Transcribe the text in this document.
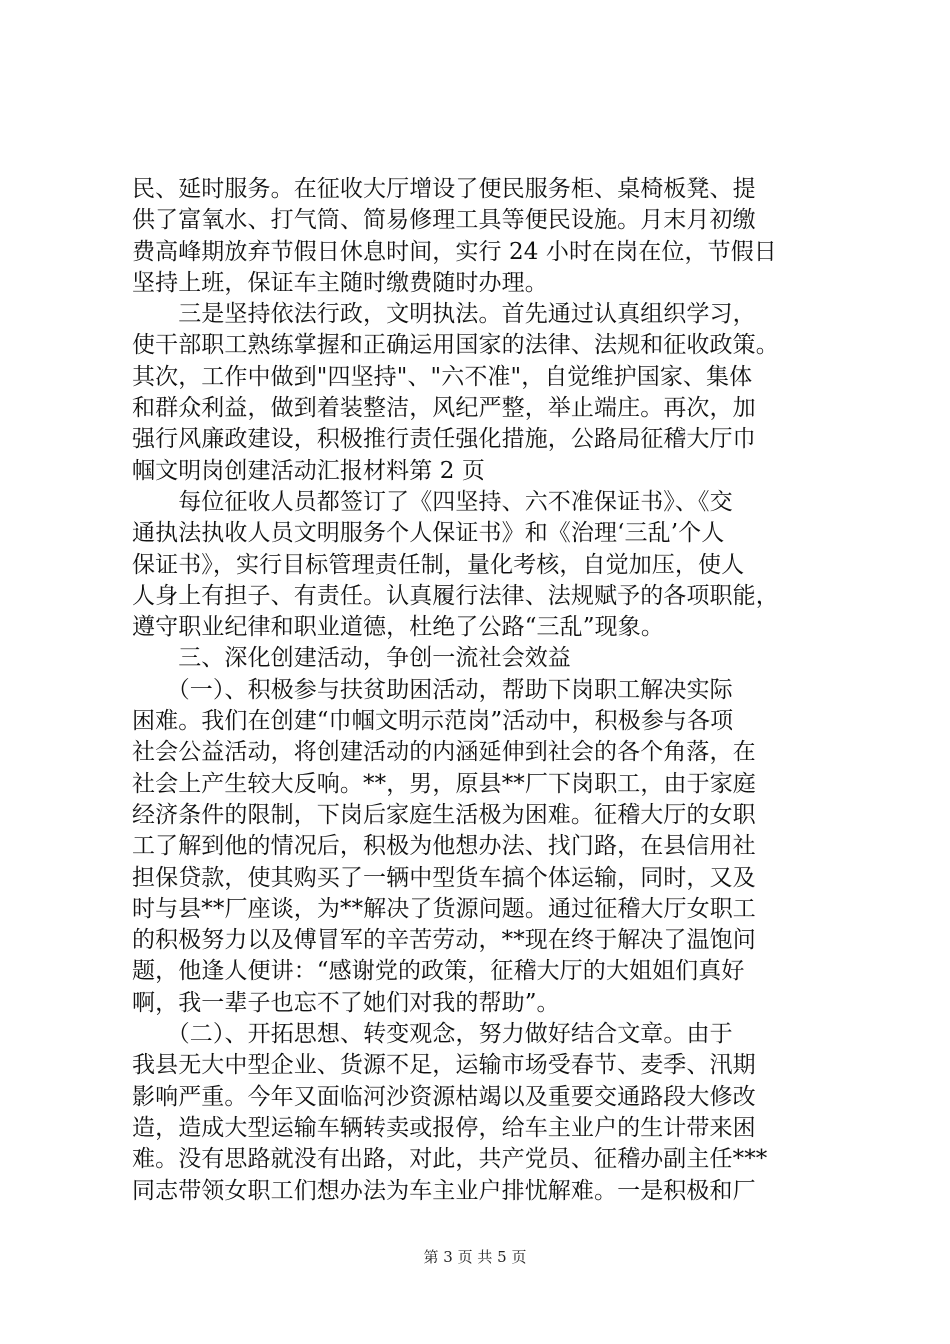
民、延时服务。在征收大厅增设了便民服务柜、桌椅板凳、提
供了富氧水、打气筒、简易修理工具等便民设施。月末月初缴
费高峰期放弃节假日休息时间，实行 24 小时在岗在位，节假日
坚持上班，保证车主随时缴费随时办理。
　　三是坚持依法行政，文明执法。首先通过认真组织学习，
使干部职工熟练掌握和正确运用国家的法律、法规和征收政策。
其次，工作中做到"四坚持"、"六不准"，自觉维护国家、集体
和群众利益，做到着装整洁，风纪严整，举止端庄。再次，加
强行风廉政建设，积极推行责任强化措施，公路局征稽大厅巾
帼文明岗创建活动汇报材料第 2 页
　　每位征收人员都签订了《四坚持、六不准保证书》、《交
通执法执收人员文明服务个人保证书》和《治理‘三乱’个人
保证书》，实行目标管理责任制，量化考核，自觉加压，使人
人身上有担子、有责任。认真履行法律、法规赋予的各项职能，
遵守职业纪律和职业道德，杜绝了公路“三乱”现象。
　　三、深化创建活动，争创一流社会效益
　　（一）、积极参与扶贫助困活动，帮助下岗职工解决实际
困难。我们在创建“巾帼文明示范岗”活动中，积极参与各项
社会公益活动，将创建活动的内涵延伸到社会的各个角落，在
社会上产生较大反响。**，男，原县**厂下岗职工，由于家庭
经济条件的限制，下岗后家庭生活极为困难。征稽大厅的女职
工了解到他的情况后，积极为他想办法、找门路，在县信用社
担保贷款，使其购买了一辆中型货车搞个体运输，同时，又及
时与县**厂座谈，为**解决了货源问题。通过征稽大厅女职工
的积极努力以及傅冒军的辛苦劳动，**现在终于解决了温饱问
题，他逢人便讲：“感谢党的政策，征稽大厅的大姐姐们真好
啊，我一辈子也忘不了她们对我的帮助”。
　　（二）、开拓思想、转变观念，努力做好结合文章。由于
我县无大中型企业、货源不足，运输市场受春节、麦季、汛期
影响严重。今年又面临河沙资源枯竭以及重要交通路段大修改
造，造成大型运输车辆转卖或报停，给车主业户的生计带来困
难。没有思路就没有出路，对此，共产党员、征稽办副主任***
同志带领女职工们想办法为车主业户排忧解难。一是积极和厂
第 3 页 共 5 页
